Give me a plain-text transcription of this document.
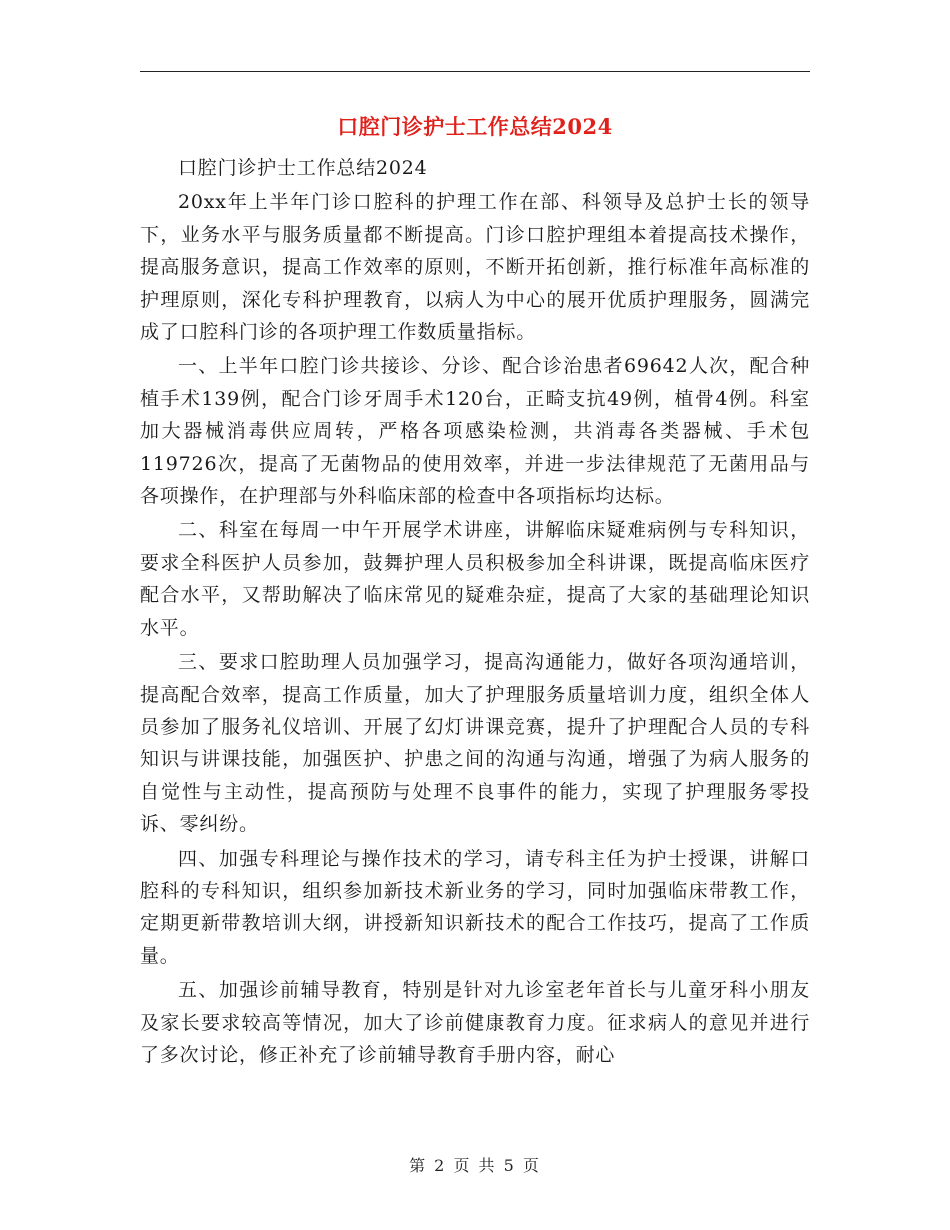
口腔门诊护士工作总结2024

口腔门诊护士工作总结2024

20xx年上半年门诊口腔科的护理工作在部、科领导及总护士长的领导下，业务水平与服务质量都不断提高。门诊口腔护理组本着提高技术操作，提高服务意识，提高工作效率的原则，不断开拓创新，推行标准年高标准的护理原则，深化专科护理教育，以病人为中心的展开优质护理服务，圆满完成了口腔科门诊的各项护理工作数质量指标。

一、上半年口腔门诊共接诊、分诊、配合诊治患者69642人次，配合种植手术139例，配合门诊牙周手术120台，正畸支抗49例，植骨4例。科室加大器械消毒供应周转，严格各项感染检测，共消毒各类器械、手术包119726次，提高了无菌物品的使用效率，并进一步法律规范了无菌用品与各项操作，在护理部与外科临床部的检查中各项指标均达标。

二、科室在每周一中午开展学术讲座，讲解临床疑难病例与专科知识，要求全科医护人员参加，鼓舞护理人员积极参加全科讲课，既提高临床医疗配合水平，又帮助解决了临床常见的疑难杂症，提高了大家的基础理论知识水平。

三、要求口腔助理人员加强学习，提高沟通能力，做好各项沟通培训，提高配合效率，提高工作质量，加大了护理服务质量培训力度，组织全体人员参加了服务礼仪培训、开展了幻灯讲课竞赛，提升了护理配合人员的专科知识与讲课技能，加强医护、护患之间的沟通与沟通，增强了为病人服务的自觉性与主动性，提高预防与处理不良事件的能力，实现了护理服务零投诉、零纠纷。

四、加强专科理论与操作技术的学习，请专科主任为护士授课，讲解口腔科的专科知识，组织参加新技术新业务的学习，同时加强临床带教工作，定期更新带教培训大纲，讲授新知识新技术的配合工作技巧，提高了工作质量。

五、加强诊前辅导教育，特别是针对九诊室老年首长与儿童牙科小朋友及家长要求较高等情况，加大了诊前健康教育力度。征求病人的意见并进行了多次讨论，修正补充了诊前辅导教育手册内容，耐心

第 2 页 共 5 页
